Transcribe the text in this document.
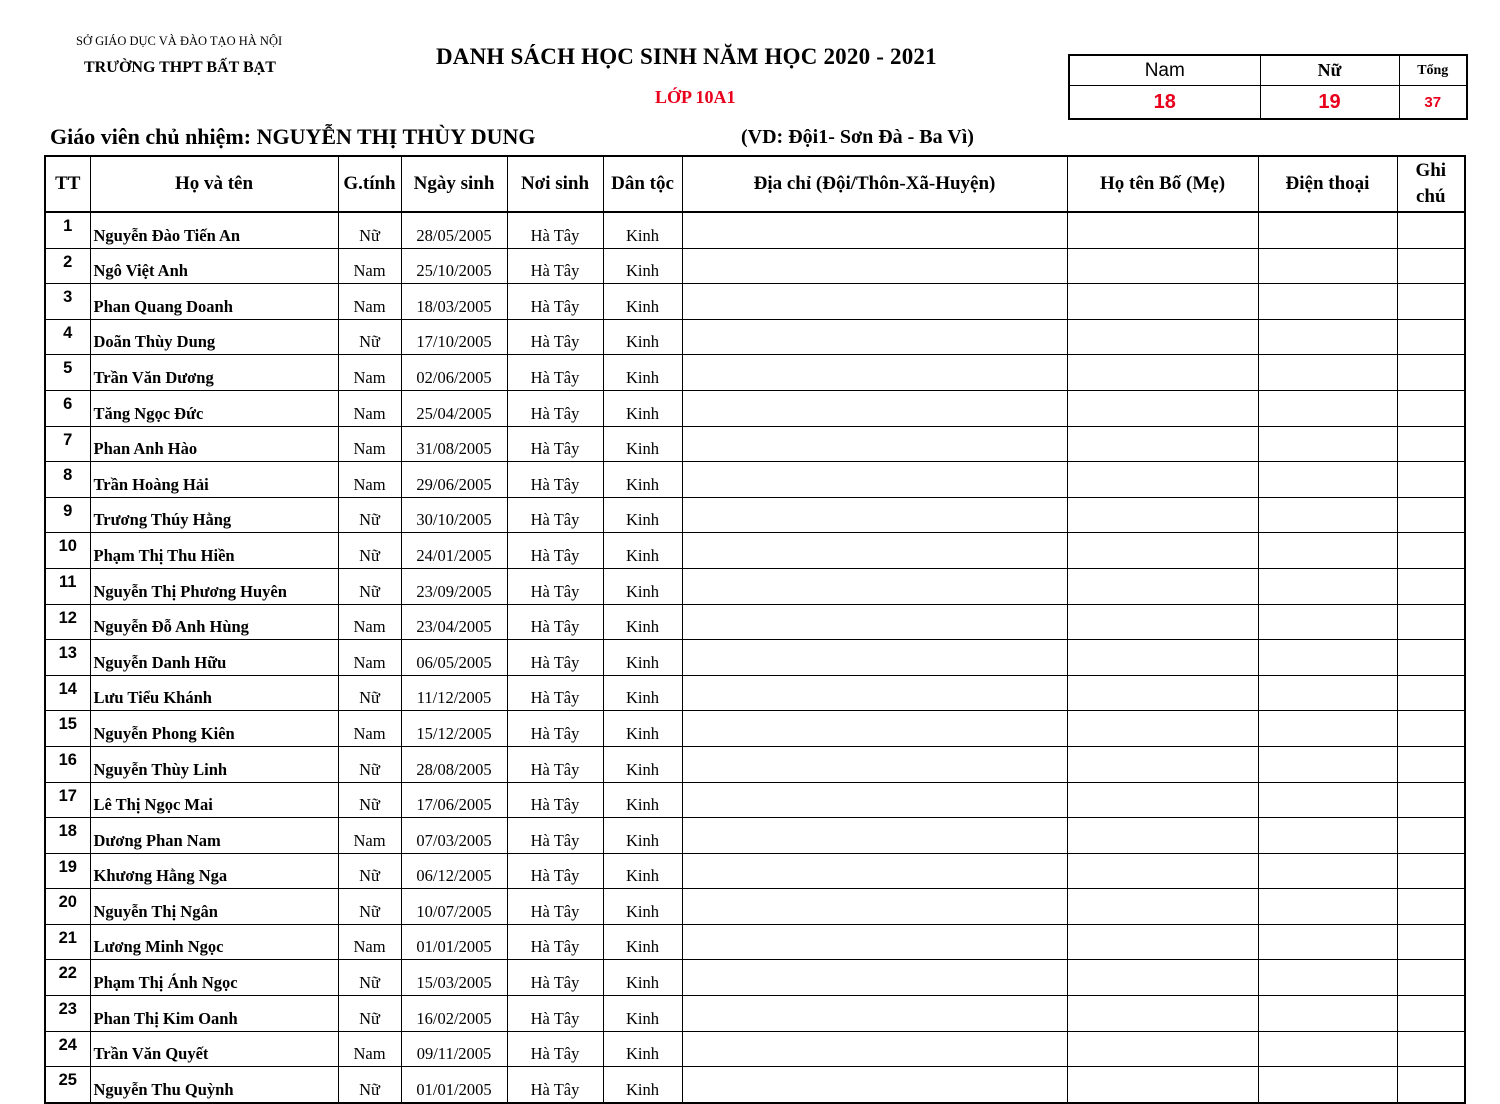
SỞ GIÁO DỤC VÀ ĐÀO TẠO HÀ NỘI
TRƯỜNG THPT BẤT BẠT	DANH SÁCH HỌC SINH NĂM HỌC 2020 - 2021
LỚP 10A1
Giáo viên chủ nhiệm: NGUYỄN THỊ THÙY DUNG	(VD: Đội1- Sơn Đà - Ba Vì)
Nam	Nữ	Tổng
18	19	37
TT	Họ và tên	G.tính	Ngày sinh	Nơi sinh	Dân tộc	Địa chỉ (Đội/Thôn-Xã-Huyện)	Họ tên Bố (Mẹ)	Điện thoại	Ghi
chú
1	Nguyễn Đào Tiến An	Nữ	28/05/2005	Hà Tây	Kinh				
2	Ngô Việt Anh	Nam	25/10/2005	Hà Tây	Kinh				
3	Phan Quang Doanh	Nam	18/03/2005	Hà Tây	Kinh				
4	Doãn Thùy Dung	Nữ	17/10/2005	Hà Tây	Kinh				
5	Trần Văn Dương	Nam	02/06/2005	Hà Tây	Kinh				
6	Tăng Ngọc Đức	Nam	25/04/2005	Hà Tây	Kinh				
7	Phan Anh Hào	Nam	31/08/2005	Hà Tây	Kinh				
8	Trần Hoàng Hải	Nam	29/06/2005	Hà Tây	Kinh				
9	Trương Thúy Hằng	Nữ	30/10/2005	Hà Tây	Kinh				
10	Phạm Thị Thu Hiền	Nữ	24/01/2005	Hà Tây	Kinh				
11	Nguyễn Thị Phương Huyên	Nữ	23/09/2005	Hà Tây	Kinh				
12	Nguyễn Đỗ Anh Hùng	Nam	23/04/2005	Hà Tây	Kinh				
13	Nguyễn Danh Hữu	Nam	06/05/2005	Hà Tây	Kinh				
14	Lưu Tiểu Khánh	Nữ	11/12/2005	Hà Tây	Kinh				
15	Nguyễn Phong Kiên	Nam	15/12/2005	Hà Tây	Kinh				
16	Nguyễn Thùy Linh	Nữ	28/08/2005	Hà Tây	Kinh				
17	Lê Thị Ngọc Mai	Nữ	17/06/2005	Hà Tây	Kinh				
18	Dương Phan Nam	Nam	07/03/2005	Hà Tây	Kinh				
19	Khương Hằng Nga	Nữ	06/12/2005	Hà Tây	Kinh				
20	Nguyễn Thị Ngân	Nữ	10/07/2005	Hà Tây	Kinh				
21	Lương Minh Ngọc	Nam	01/01/2005	Hà Tây	Kinh				
22	Phạm Thị Ánh Ngọc	Nữ	15/03/2005	Hà Tây	Kinh				
23	Phan Thị Kim Oanh	Nữ	16/02/2005	Hà Tây	Kinh				
24	Trần Văn Quyết	Nam	09/11/2005	Hà Tây	Kinh				
25	Nguyễn Thu Quỳnh	Nữ	01/01/2005	Hà Tây	Kinh				
